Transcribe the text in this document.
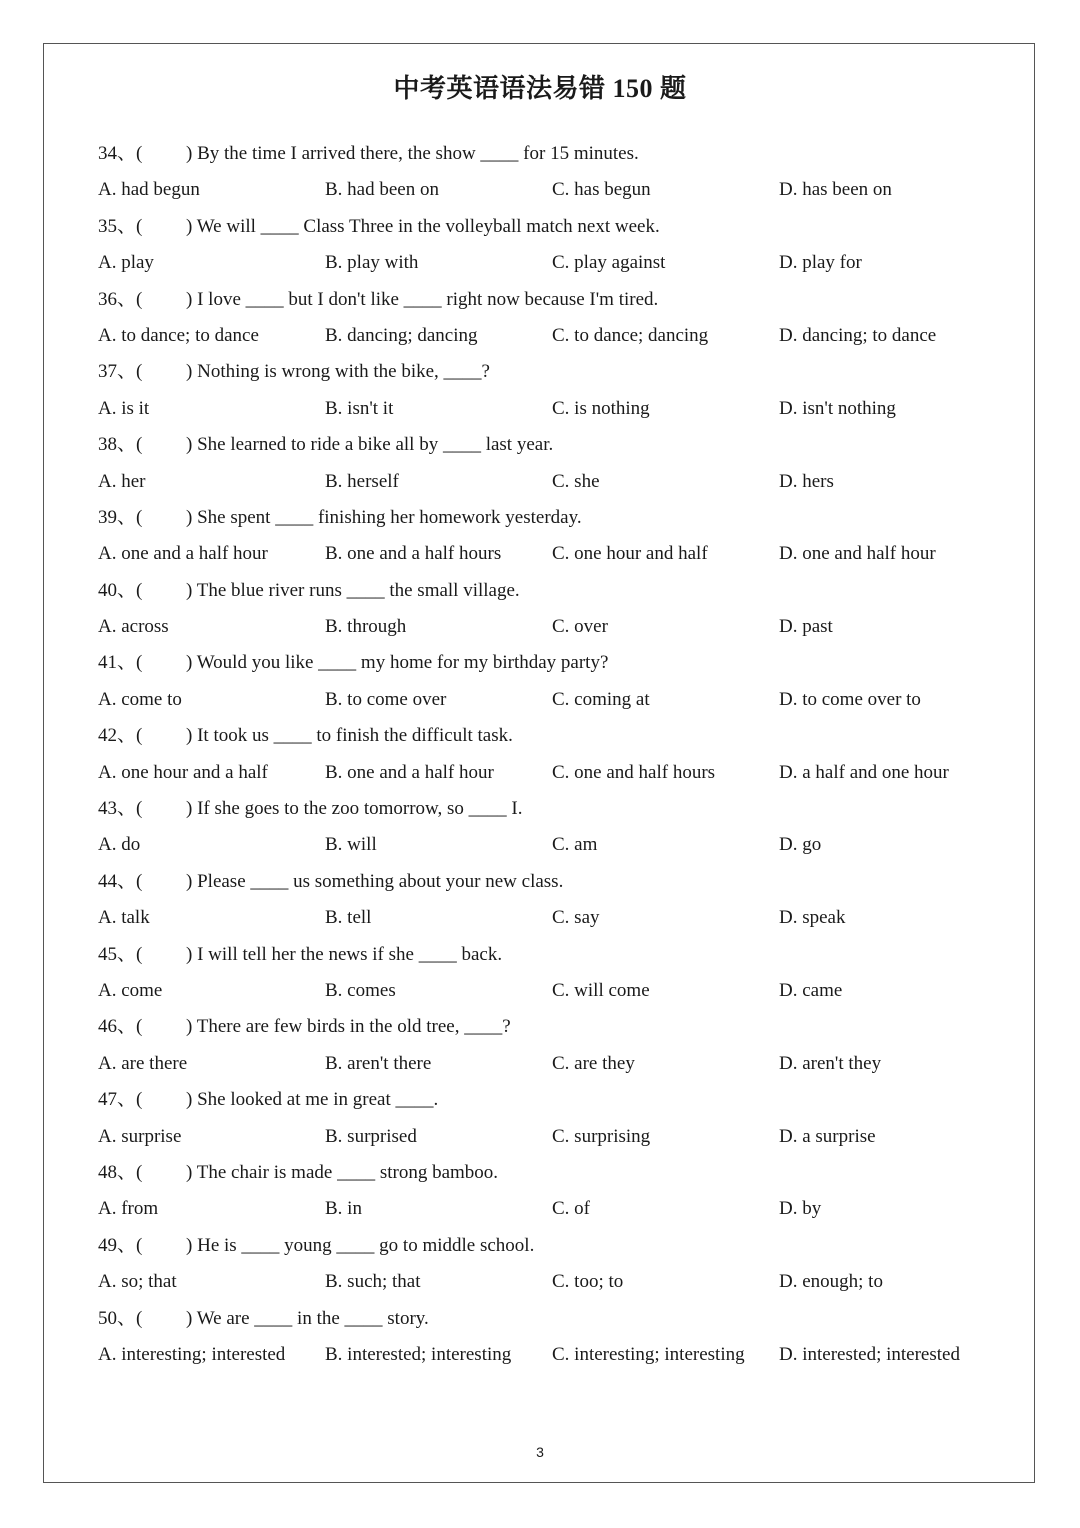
中考英语语法易错 150 题
34、( ) By the time I arrived there, the show ____ for 15 minutes.
A. had begun	B. had been on	C. has begun	D. has been on
35、( ) We will ____ Class Three in the volleyball match next week.
A. play	B. play with	C. play against	D. play for
36、( ) I love ____ but I don't like ____ right now because I'm tired.
A. to dance; to dance	B. dancing; dancing	C. to dance; dancing	D. dancing; to dance
37、( ) Nothing is wrong with the bike, ____?
A. is it	B. isn't it	C. is nothing	D. isn't nothing
38、( ) She learned to ride a bike all by ____ last year.
A. her	B. herself	C. she	D. hers
39、( ) She spent ____ finishing her homework yesterday.
A. one and a half hour	B. one and a half hours	C. one hour and half	D. one and half hour
40、( ) The blue river runs ____ the small village.
A. across	B. through	C. over	D. past
41、( ) Would you like ____ my home for my birthday party?
A. come to	B. to come over	C. coming at	D. to come over to
42、( ) It took us ____ to finish the difficult task.
A. one hour and a half	B. one and a half hour	C. one and half hours	D. a half and one hour
43、( ) If she goes to the zoo tomorrow, so ____ I.
A. do	B. will	C. am	D. go
44、( ) Please ____ us something about your new class.
A. talk	B. tell	C. say	D. speak
45、( ) I will tell her the news if she ____ back.
A. come	B. comes	C. will come	D. came
46、( ) There are few birds in the old tree, ____?
A. are there	B. aren't there	C. are they	D. aren't they
47、( ) She looked at me in great ____.
A. surprise	B. surprised	C. surprising	D. a surprise
48、( ) The chair is made ____ strong bamboo.
A. from	B. in	C. of	D. by
49、( ) He is ____ young ____ go to middle school.
A. so; that	B. such; that	C. too; to	D. enough; to
50、( ) We are ____ in the ____ story.
A. interesting; interested B. interested; interesting C. interesting; interesting D. interested; interested
3
